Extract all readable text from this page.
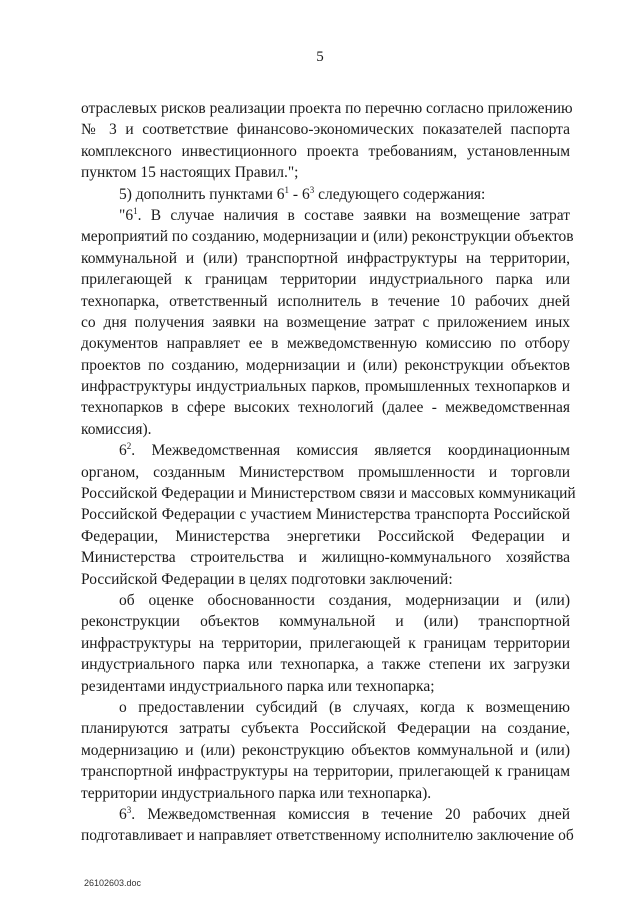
5
отраслевых рисков реализации проекта по перечню согласно приложению
№ 3 и соответствие финансово-экономических показателей паспорта
комплексного инвестиционного проекта требованиям, установленным
пунктом 15 настоящих Правил.";
5) дополнить пунктами $6^1 - 6^3$ следующего содержания:
"$6^1$. В случае наличия в составе заявки на возмещение затрат
мероприятий по созданию, модернизации и (или) реконструкции объектов
коммунальной и (или) транспортной инфраструктуры на территории,
прилегающей к границам территории индустриального парка или
технопарка, ответственный исполнитель в течение 10 рабочих дней
со дня получения заявки на возмещение затрат с приложением иных
документов направляет ее в межведомственную комиссию по отбору
проектов по созданию, модернизации и (или) реконструкции объектов
инфраструктуры индустриальных парков, промышленных технопарков и
технопарков в сфере высоких технологий (далее - межведомственная
комиссия).
$6^2$. Межведомственная комиссия является координационным
органом, созданным Министерством промышленности и торговли
Российской Федерации и Министерством связи и массовых коммуникаций
Российской Федерации с участием Министерства транспорта Российской
Федерации, Министерства энергетики Российской Федерации и
Министерства строительства и жилищно-коммунального хозяйства
Российской Федерации в целях подготовки заключений:
об оценке обоснованности создания, модернизации и (или)
реконструкции объектов коммунальной и (или) транспортной
инфраструктуры на территории, прилегающей к границам территории
индустриального парка или технопарка, а также степени их загрузки
резидентами индустриального парка или технопарка;
о предоставлении субсидий (в случаях, когда к возмещению
планируются затраты субъекта Российской Федерации на создание,
модернизацию и (или) реконструкцию объектов коммунальной и (или)
транспортной инфраструктуры на территории, прилегающей к границам
территории индустриального парка или технопарка).
$6^3$. Межведомственная комиссия в течение 20 рабочих дней
подготавливает и направляет ответственному исполнителю заключение об
26102603.doc
